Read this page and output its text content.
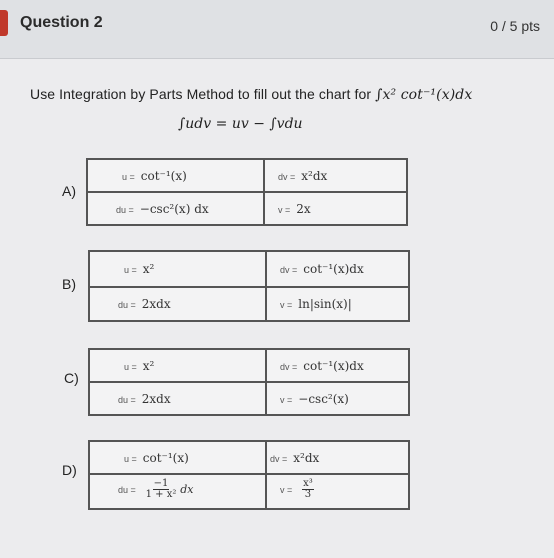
Question 2	0 / 5 pts
Use Integration by Parts Method to fill out the chart for ∫x² cot⁻¹(x)dx
∫udv = uv − ∫vdu
A)
u = cot⁻¹(x)	dv = x²dx
du = −csc²(x) dx	v = 2x
B)
u = x²	dv = cot⁻¹(x)dx
du = 2xdx	v = ln|sin(x)|
C)
u = x²	dv = cot⁻¹(x)dx
du = 2xdx	v = −csc²(x)
D)
u = cot⁻¹(x)	dv = x²dx
du = $\frac{-1}{\text{1 + x²}}$ dx	$v = \frac{\text{x³}}{3}$
